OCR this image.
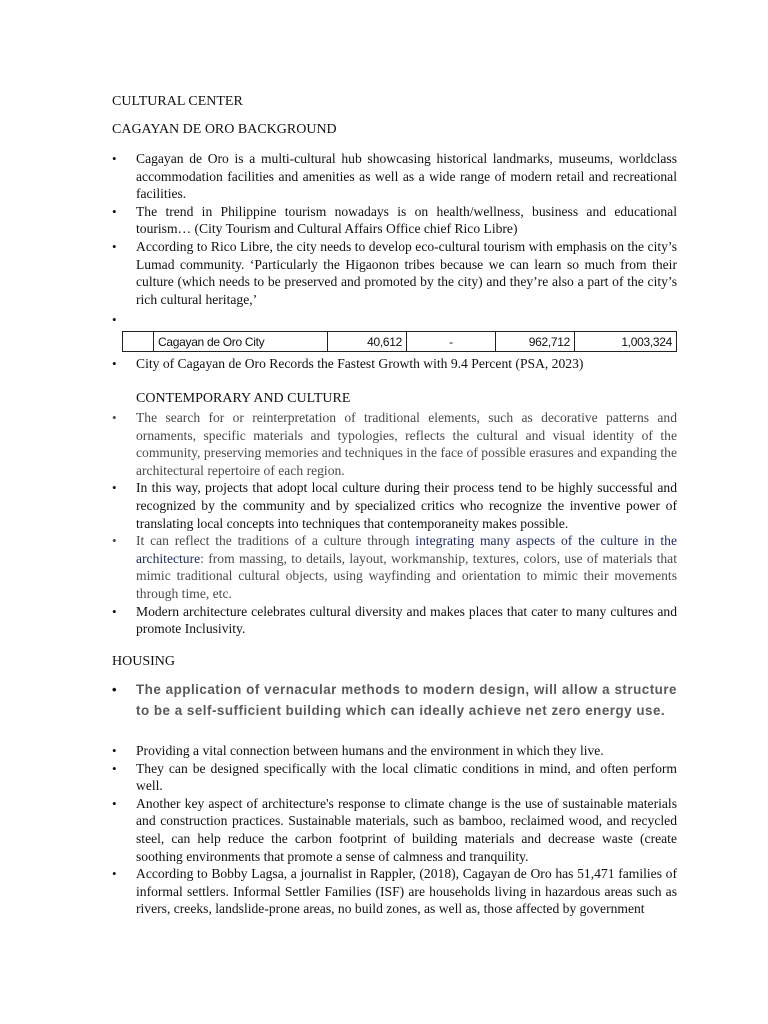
CULTURAL CENTER
CAGAYAN DE ORO BACKGROUND
• Cagayan de Oro is a multi-cultural hub showcasing historical landmarks, museums, worldclass accommodation facilities and amenities as well as a wide range of modern retail and recreational facilities.
• The trend in Philippine tourism nowadays is on health/wellness, business and educational tourism… (City Tourism and Cultural Affairs Office chief Rico Libre)
• According to Rico Libre, the city needs to develop eco-cultural tourism with emphasis on the city’s Lumad community. ‘Particularly the Higaonon tribes because we can learn so much from their culture (which needs to be preserved and promoted by the city) and they’re also a part of the city’s rich cultural heritage,’
•
	Cagayan de Oro City	40,612	-	962,712	1,003,324
• City of Cagayan de Oro Records the Fastest Growth with 9.4 Percent (PSA, 2023)
CONTEMPORARY AND CULTURE
• The search for or reinterpretation of traditional elements, such as decorative patterns and ornaments, specific materials and typologies, reflects the cultural and visual identity of the community, preserving memories and techniques in the face of possible erasures and expanding the architectural repertoire of each region.
• In this way, projects that adopt local culture during their process tend to be highly successful and recognized by the community and by specialized critics who recognize the inventive power of translating local concepts into techniques that contemporaneity makes possible.
• It can reflect the traditions of a culture through integrating many aspects of the culture in the architecture: from massing, to details, layout, workmanship, textures, colors, use of materials that mimic traditional cultural objects, using wayfinding and orientation to mimic their movements through time, etc.
• Modern architecture celebrates cultural diversity and makes places that cater to many cultures and promote Inclusivity.
HOUSING
• The application of vernacular methods to modern design, will allow a structure to be a self-sufficient building which can ideally achieve net zero energy use.
• Providing a vital connection between humans and the environment in which they live.
• They can be designed specifically with the local climatic conditions in mind, and often perform well.
• Another key aspect of architecture's response to climate change is the use of sustainable materials and construction practices. Sustainable materials, such as bamboo, reclaimed wood, and recycled steel, can help reduce the carbon footprint of building materials and decrease waste (create soothing environments that promote a sense of calmness and tranquility.
• According to Bobby Lagsa, a journalist in Rappler, (2018), Cagayan de Oro has 51,471 families of informal settlers. Informal Settler Families (ISF) are households living in hazardous areas such as rivers, creeks, landslide-prone areas, no build zones, as well as, those affected by government
